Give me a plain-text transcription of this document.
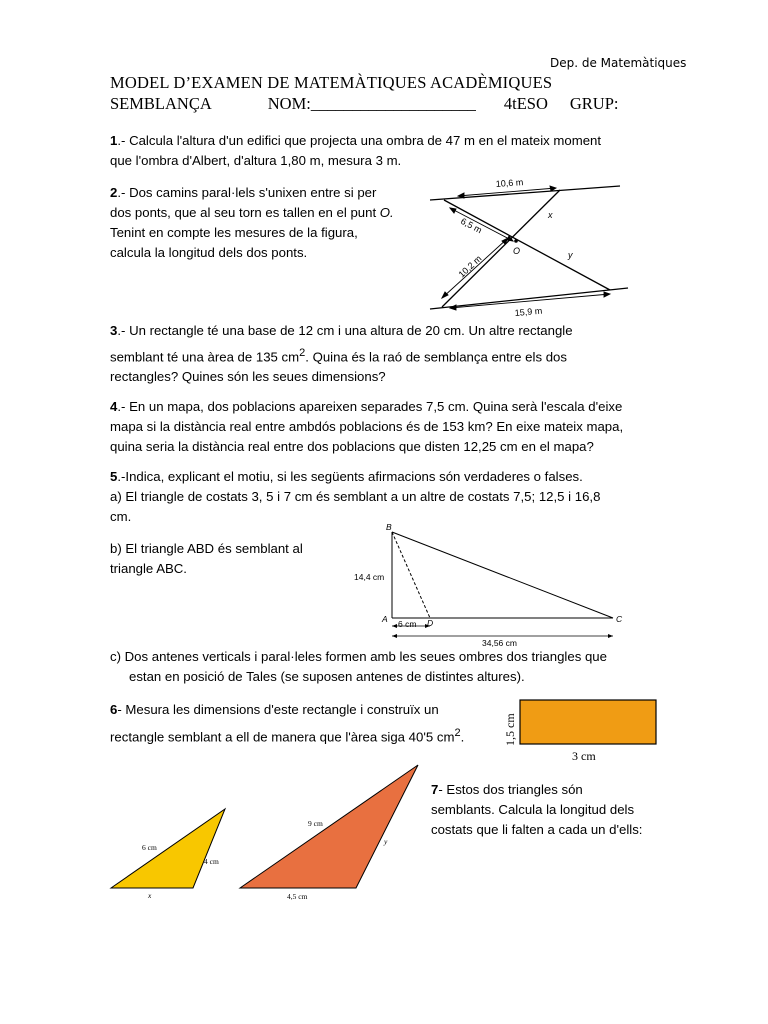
Dep. de Matemàtiques
MODEL D’EXAMEN DE MATEMÀTIQUES ACADÈMIQUES
SEMBLANÇA	NOM:____________________ 4tESO GRUP:
1.- Calcula l'altura d'un edifici que projecta una ombra de 47 m en el mateix moment
que l'ombra d'Albert, d'altura 1,80 m, mesura 3 m.
2.- Dos camins paral·lels s'unixen entre si per
dos ponts, que al seu torn es tallen en el punt O.
Tenint en compte les mesures de la figura,
calcula la longitud dels dos ponts.
10,6 m
6,5 m
10,2 m
15,9 m
x
y
O
3.- Un rectangle té una base de 12 cm i una altura de 20 cm. Un altre rectangle
semblant té una àrea de 135 $cm^2$. Quina és la raó de semblança entre els dos
rectangles? Quines són les seues dimensions?
4.- En un mapa, dos poblacions apareixen separades 7,5 cm. Quina serà l'escala d'eixe
mapa si la distància real entre ambdós poblacions és de 153 km? En eixe mateix mapa,
quina seria la distància real entre dos poblacions que disten 12,25 cm en el mapa?
5.-Indica, explicant el motiu, si les següents afirmacions són verdaderes o falses.
a) El triangle de costats 3, 5 i 7 cm és semblant a un altre de costats 7,5; 12,5 i 16,8
cm.
b) El triangle ABD és semblant al
triangle ABC.
B
A	D	C
14,4 cm
6 cm
34,56 cm
c) Dos antenes verticals i paral·leles formen amb les seues ombres dos triangles que
estan en posició de Tales (se suposen antenes de distintes altures).
6- Mesura les dimensions d'este rectangle i construïx un
rectangle semblant a ell de manera que l'àrea siga 40'5 $cm^2$.
3 cm
1,5 cm
7- Estos dos triangles són
semblants. Calcula la longitud dels
costats que li falten a cada un d'ells:
6 cm
4 cm
x
9 cm
y
4,5 cm
